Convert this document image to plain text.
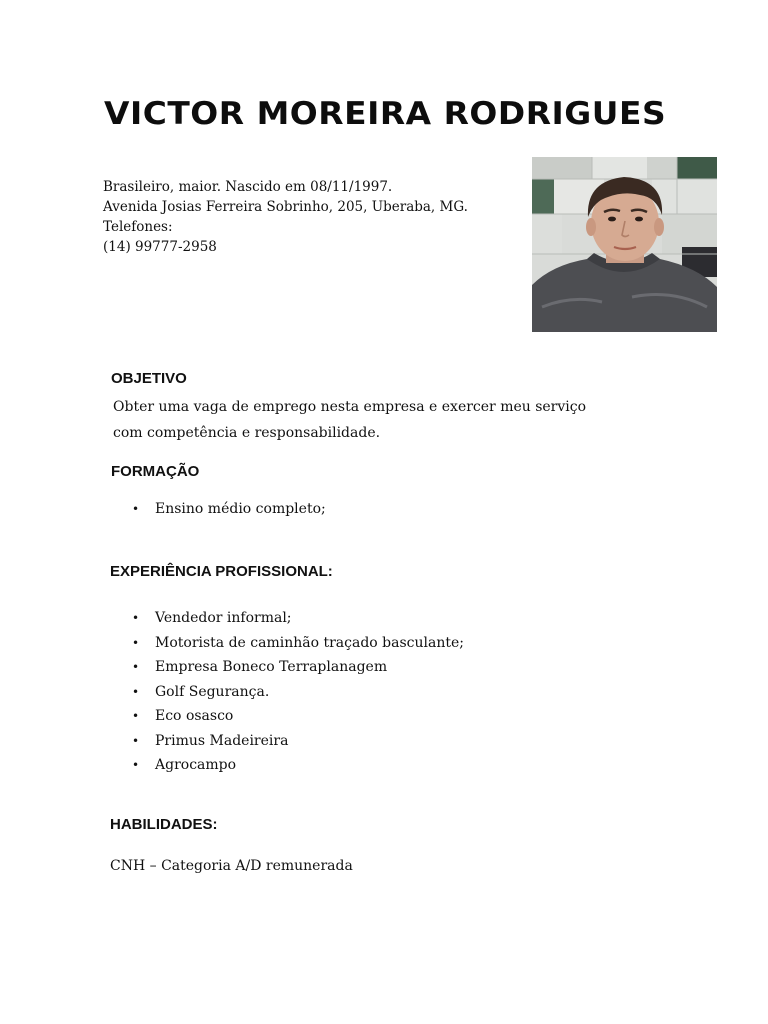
VICTOR MOREIRA RODRIGUES
Brasileiro, maior. Nascido em 08/11/1997.
Avenida Josias Ferreira Sobrinho, 205, Uberaba, MG.
Telefones:
(14) 99777-2958
OBJETIVO
Obter uma vaga de emprego nesta empresa e exercer meu serviço
com competência e responsabilidade.
FORMAÇÃO
• Ensino médio completo;
EXPERIÊNCIA PROFISSIONAL:
• Vendedor informal;
• Motorista de caminhão traçado basculante;
• Empresa Boneco Terraplanagem
• Golf Segurança.
• Eco osasco
• Primus Madeireira
• Agrocampo
HABILIDADES:
CNH – Categoria A/D remunerada
